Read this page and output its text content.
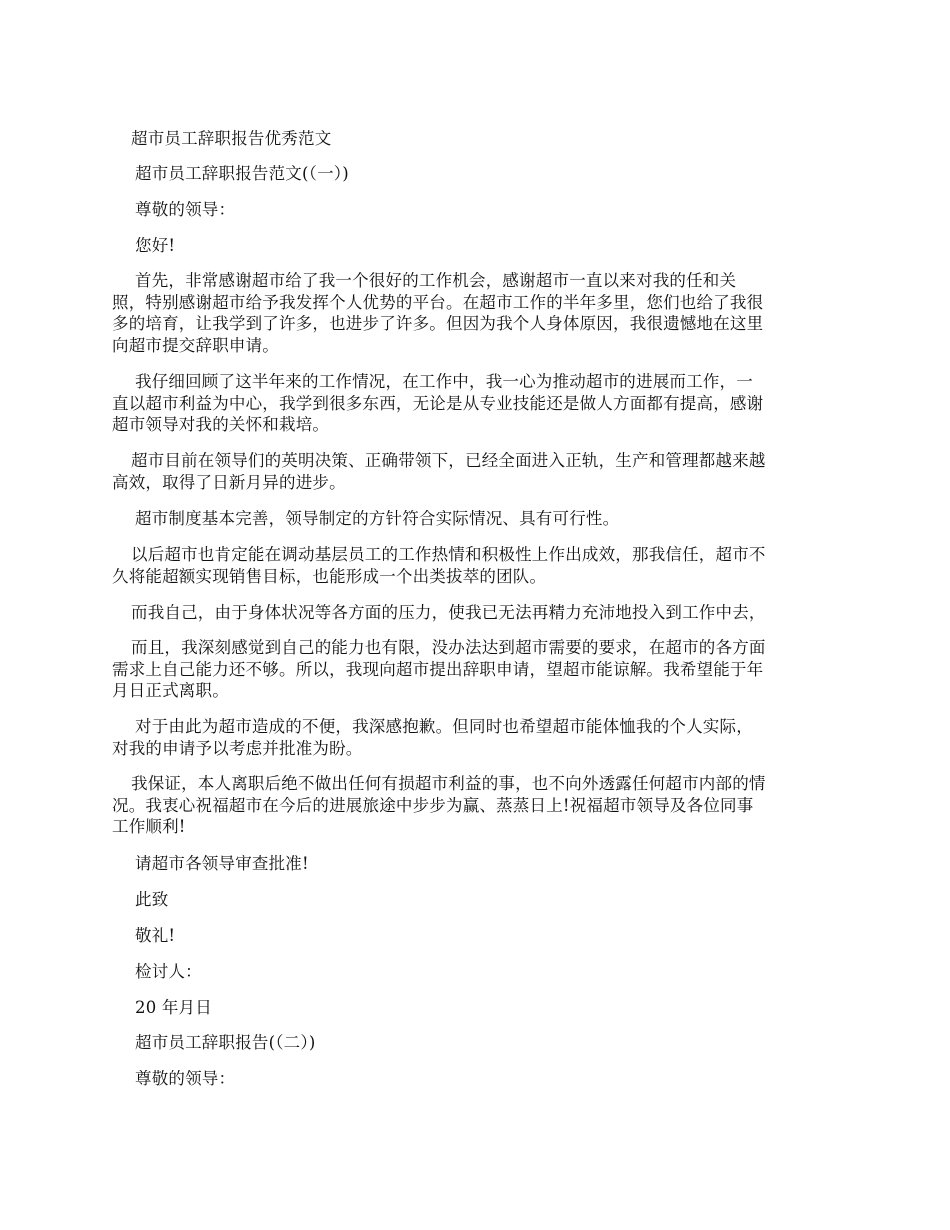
超市员工辞职报告优秀范文
超市员工辞职报告范文(（一）)
尊敬的领导：
您好!
首先，非常感谢超市给了我一个很好的工作机会，感谢超市一直以来对我的任和关
照，特别感谢超市给予我发挥个人优势的平台。在超市工作的半年多里，您们也给了我很
多的培育，让我学到了许多，也进步了许多。但因为我个人身体原因，我很遗憾地在这里
向超市提交辞职申请。
我仔细回顾了这半年来的工作情况，在工作中，我一心为推动超市的进展而工作，一
直以超市利益为中心，我学到很多东西，无论是从专业技能还是做人方面都有提高，感谢
超市领导对我的关怀和栽培。
超市目前在领导们的英明决策、正确带领下，已经全面进入正轨，生产和管理都越来越
高效，取得了日新月异的进步。
超市制度基本完善，领导制定的方针符合实际情况、具有可行性。
以后超市也肯定能在调动基层员工的工作热情和积极性上作出成效，那我信任，超市不
久将能超额实现销售目标，也能形成一个出类拔萃的团队。
而我自己，由于身体状况等各方面的压力，使我已无法再精力充沛地投入到工作中去，
而且，我深刻感觉到自己的能力也有限，没办法达到超市需要的要求，在超市的各方面
需求上自己能力还不够。所以，我现向超市提出辞职申请，望超市能谅解。我希望能于年
月日正式离职。
对于由此为超市造成的不便，我深感抱歉。但同时也希望超市能体恤我的个人实际，
对我的申请予以考虑并批准为盼。
我保证，本人离职后绝不做出任何有损超市利益的事，也不向外透露任何超市内部的情
况。我衷心祝福超市在今后的进展旅途中步步为赢、蒸蒸日上!祝福超市领导及各位同事
工作顺利!
请超市各领导审查批准!
此致
敬礼!
检讨人：
20 年月日
超市员工辞职报告(（二）)
尊敬的领导：
